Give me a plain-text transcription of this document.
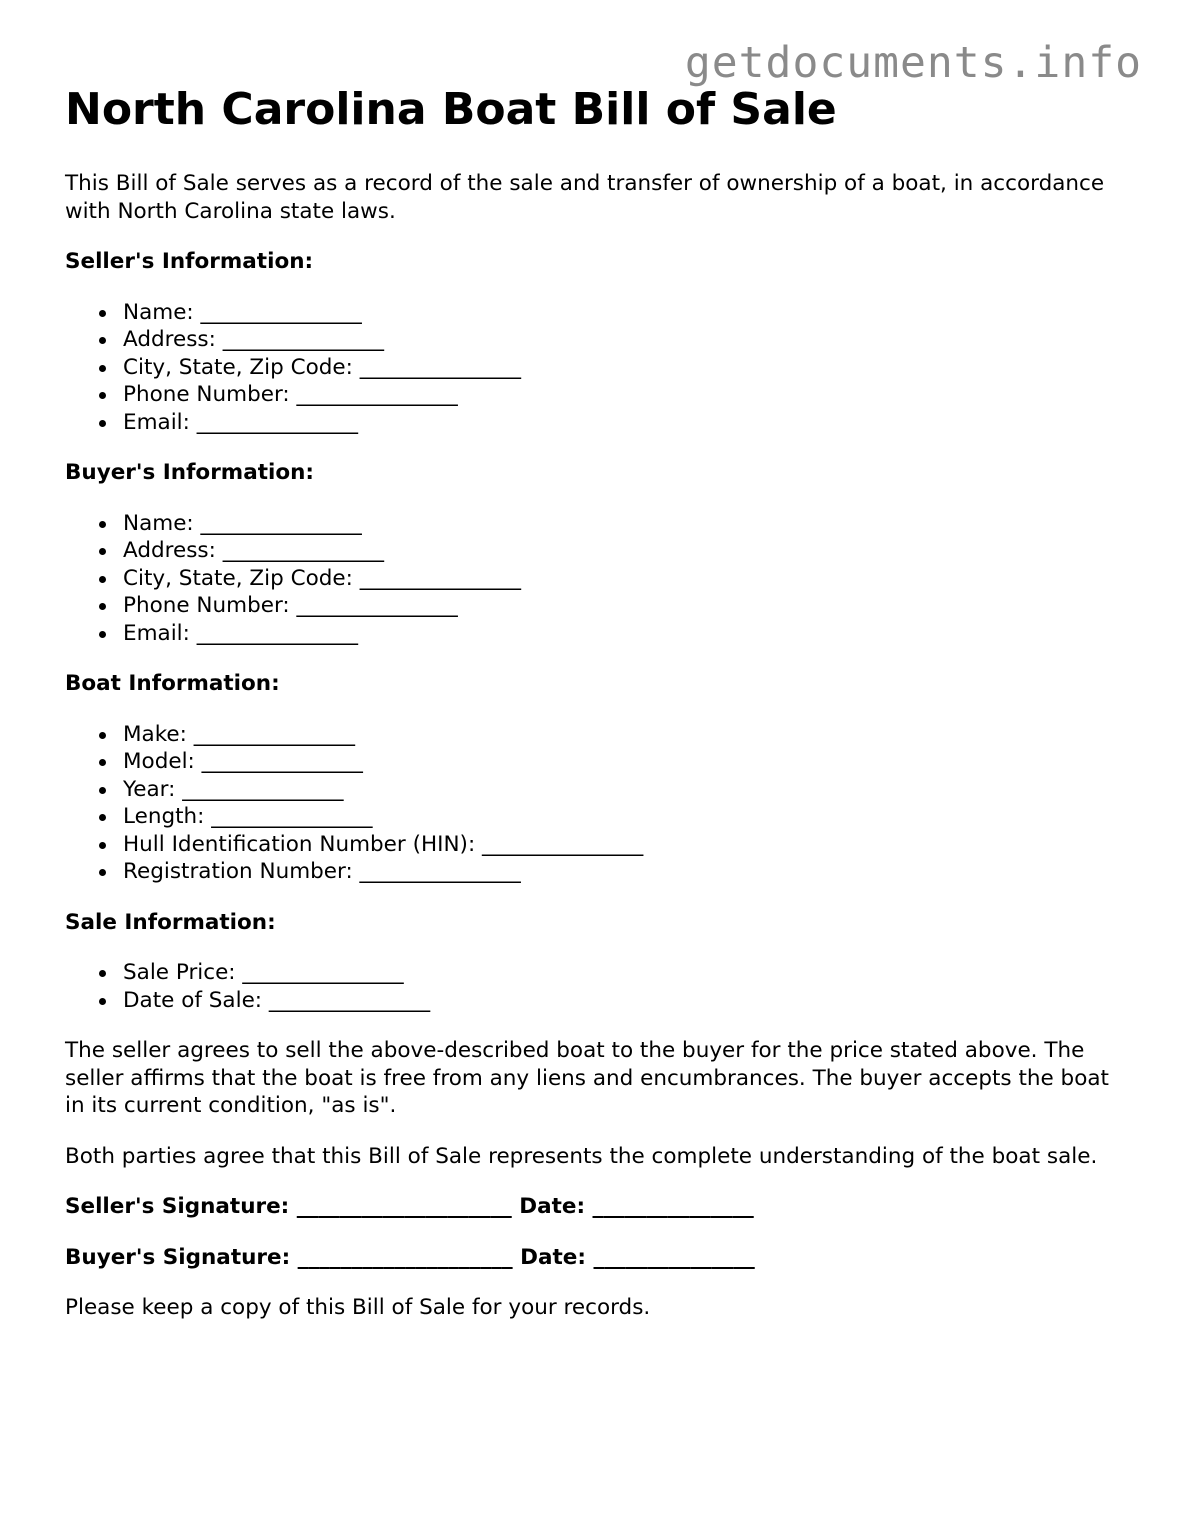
getdocuments.info
North Carolina Boat Bill of Sale

This Bill of Sale serves as a record of the sale and transfer of ownership of a boat, in accordance with North Carolina state laws.

Seller's Information:
Name: _______________
Address: _______________
City, State, Zip Code: _______________
Phone Number: _______________
Email: _______________
Buyer's Information:
Name: _______________
Address: _______________
City, State, Zip Code: _______________
Phone Number: _______________
Email: _______________
Boat Information:
Make: _______________
Model: _______________
Year: _______________
Length: _______________
Hull Identification Number (HIN): _______________
Registration Number: _______________
Sale Information:
Sale Price: _______________
Date of Sale: _______________

The seller agrees to sell the above-described boat to the buyer for the price stated above. The seller affirms that the boat is free from any liens and encumbrances. The buyer accepts the boat in its current condition, "as is".

Both parties agree that this Bill of Sale represents the complete understanding of the boat sale.

Seller's Signature: ____________________ Date: _______________
Buyer's Signature: ____________________ Date: _______________

Please keep a copy of this Bill of Sale for your records.
